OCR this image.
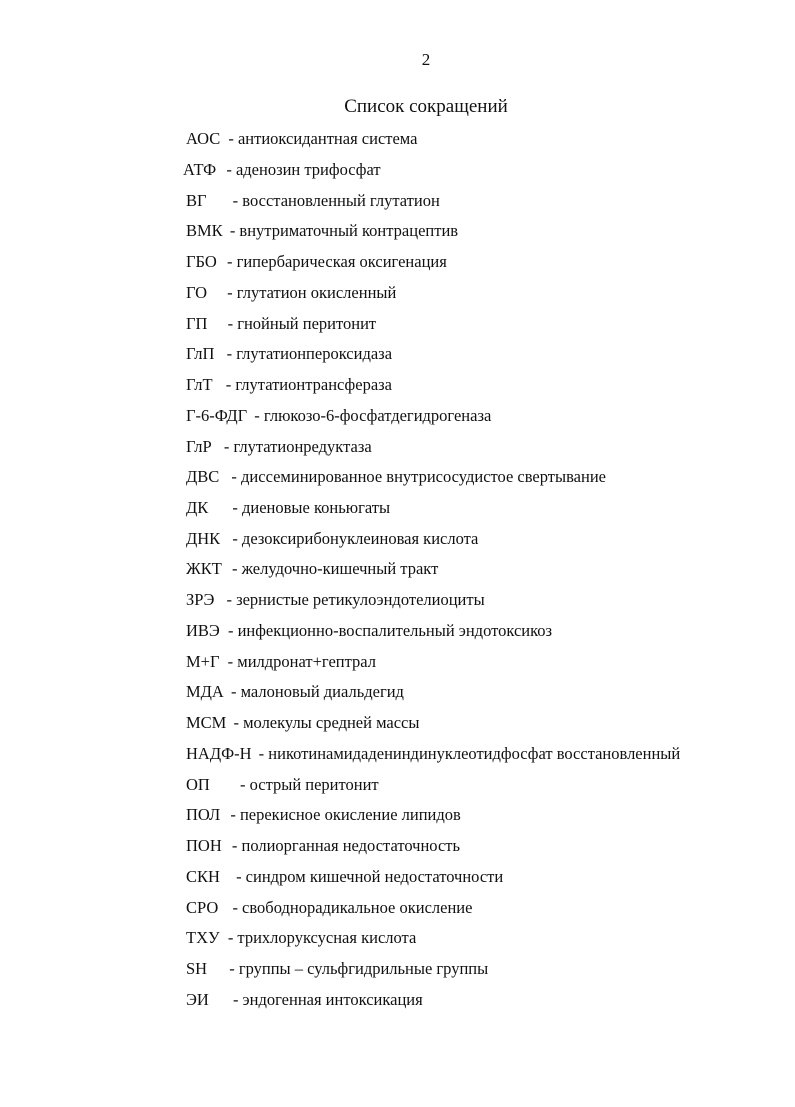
2
Список сокращений
АОС - антиоксидантная система
АТФ - аденозин трифосфат
ВГ - восстановленный глутатион
ВМК - внутриматочный контрацептив
ГБО - гипербарическая оксигенация
ГО - глутатион окисленный
ГП - гнойный перитонит
ГлП - глутатионпероксидаза
ГлТ - глутатионтрансфераза
Г-6-ФДГ - глюкозо-6-фосфатдегидрогеназа
ГлР - глутатионредуктаза
ДВС - диссеминированное внутрисосудистое свертывание
ДК - диеновые коньюгаты
ДНК - дезоксирибонуклеиновая кислота
ЖКТ - желудочно-кишечный тракт
ЗРЭ - зернистые ретикулоэндотелиоциты
ИВЭ - инфекционно-воспалительный эндотоксикоз
М+Г - милдронат+гептрал
МДА - малоновый диальдегид
МСМ - молекулы средней массы
НАДФ-Н - никотинамидадениндинуклеотидфосфат восстановленный
ОП - острый перитонит
ПОЛ - перекисное окисление липидов
ПОН - полиорганная недостаточность
СКН - синдром кишечной недостаточности
СРО - свободнорадикальное окисление
ТХУ - трихлоруксусная кислота
SH - группы – сульфгидрильные группы
ЭИ - эндогенная интоксикация
